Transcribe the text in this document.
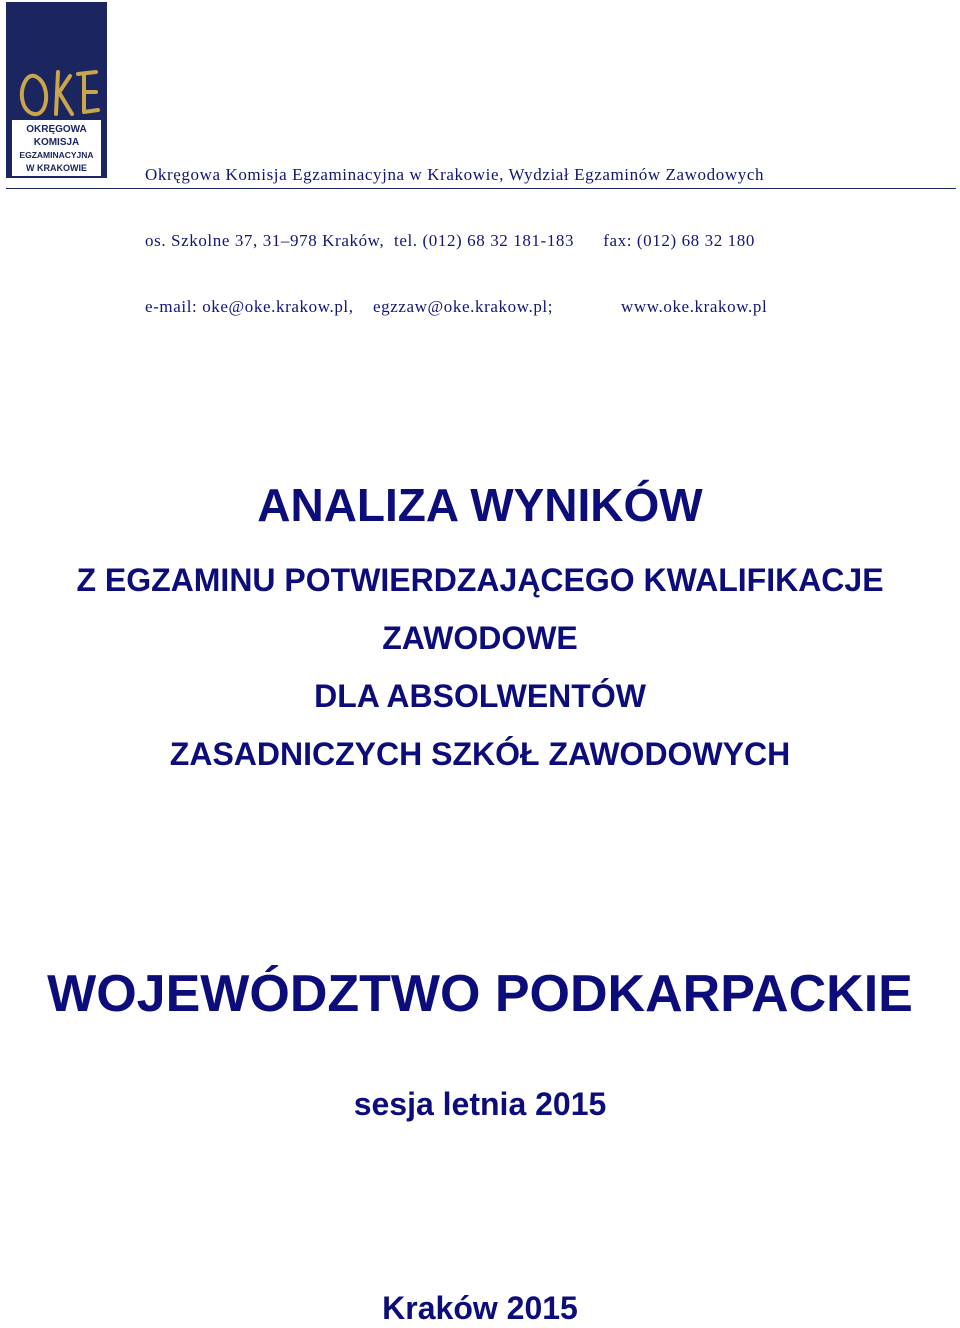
OKRĘGOWA
KOMISJA
EGZAMINACYJNA
W KRAKOWIE

	Okręgowa Komisja Egzaminacyjna w Krakowie, Wydział Egzaminów Zawodowych

os. Szkolne 37, 31–978 Kraków,  tel. (012) 68 32 181-183      fax: (012) 68 32 180

e-mail: oke@oke.krakow.pl,    egzzaw@oke.krakow.pl;              www.oke.krakow.pl

ANALIZA WYNIKÓW
Z EGZAMINU POTWIERDZAJĄCEGO KWALIFIKACJE
ZAWODOWE
DLA ABSOLWENTÓW
ZASADNICZYCH SZKÓŁ ZAWODOWYCH
WOJEWÓDZTWO PODKARPACKIE
sesja letnia 2015
Kraków 2015
